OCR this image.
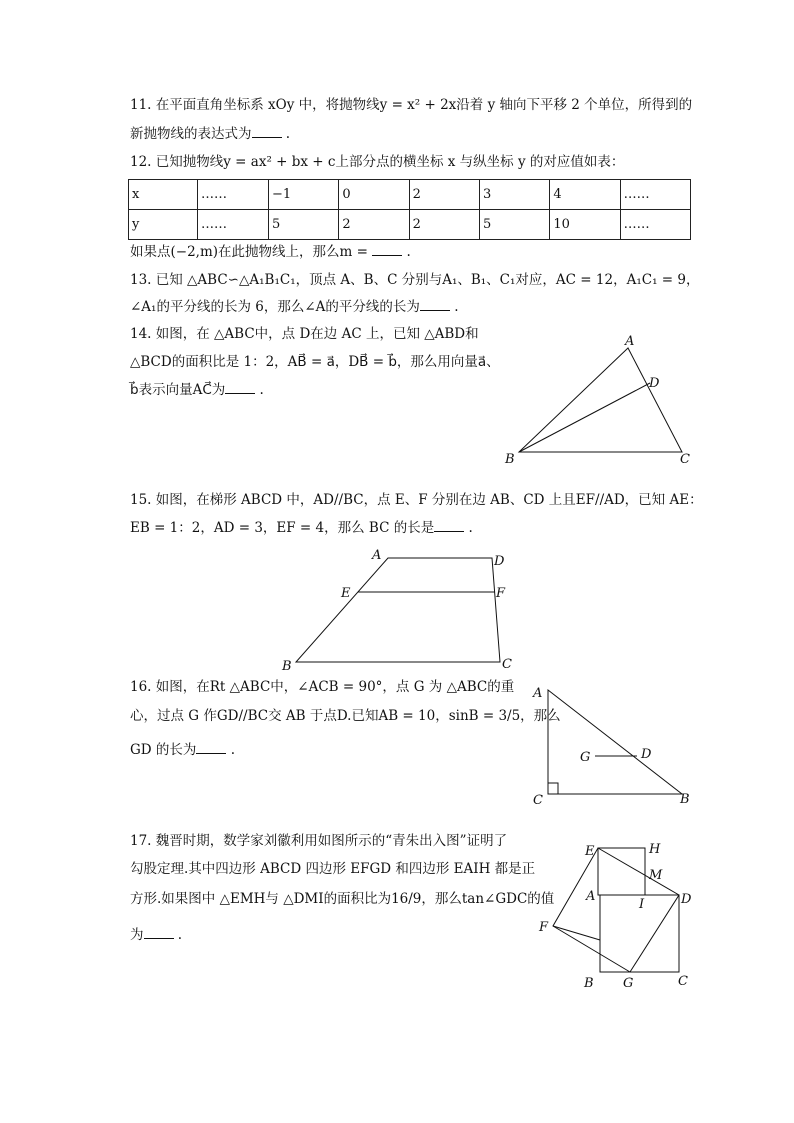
11. 在平面直角坐标系 xOy 中，将抛物线y = x² + 2x沿着 y 轴向下平移 2 个单位，所得到的
新抛物线的表达式为 .
12. 已知抛物线y = ax² + bx + c上部分点的横坐标 x 与纵坐标 y 的对应值如表：
x	……	−1	0	2	3	4	……
y	……	5	2	2	5	10	……
如果点(−2,m)在此抛物线上，那么m =	.
13. 已知 △ABC∽△A₁B₁C₁，顶点 A、B、C 分别与A₁、B₁、C₁对应，AC = 12，A₁C₁ = 9，
∠A₁的平分线的长为 6，那么∠A的平分线的长为 .
14. 如图，在 △ABC中，点 D在边 AC 上，已知 △ABD和
△BCD的面积比是 1：2，AB⃗ = a⃗，DB⃗ = b⃗，那么用向量a⃗、
b⃗表示向量AC⃗为 .
A
B	C
D
15. 如图，在梯形 ABCD 中，AD//BC，点 E、F 分别在边 AB、CD 上且EF//AD，已知 AE：
EB = 1：2，AD = 3，EF = 4，那么 BC 的长是 .
A	D
E	F
B	C
16. 如图，在Rt △ABC中，∠ACB = 90°，点 G 为 △ABC的重
心，过点 G 作GD//BC交 AB 于点D.已知AB = 10，sinB = 3/5，那么
GD 的长为 .
A
C	B
G	D
17. 魏晋时期，数学家刘徽利用如图所示的“青朱出入图”证明了
勾股定理.其中四边形 ABCD 四边形 EFGD 和四边形 EAIH 都是正
方形.如果图中 △EMH与 △DMI的面积比为16/9，那么tan∠GDC的值
为 .
E	H
M
A
I	D
F
B G	C
